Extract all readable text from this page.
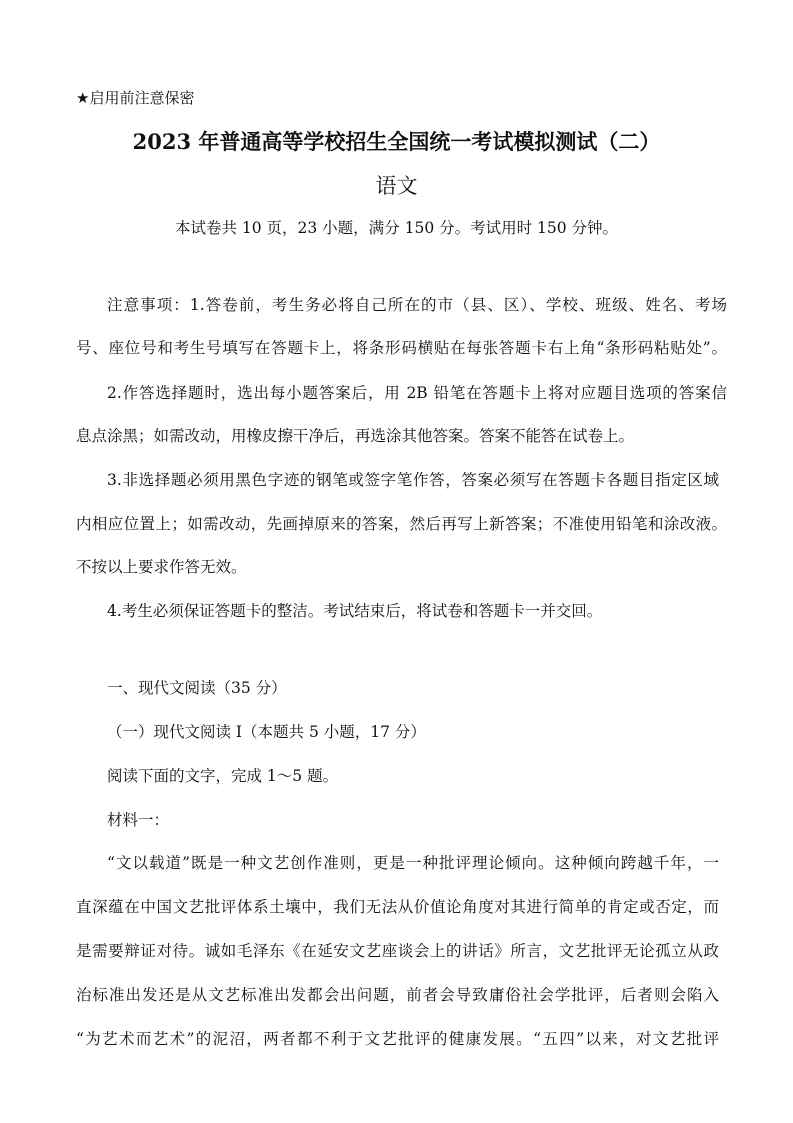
★启用前注意保密
2023 年普通高等学校招生全国统一考试模拟测试（二）
语文
本试卷共 10 页，23 小题，满分 150 分。考试用时 150 分钟。
注意事项：1.答卷前，考生务必将自己所在的市（县、区）、学校、班级、姓名、考场
号、座位号和考生号填写在答题卡上，将条形码横贴在每张答题卡右上角“条形码粘贴处”。
2.作答选择题时，选出每小题答案后，用 2B 铅笔在答题卡上将对应题目选项的答案信
息点涂黑；如需改动，用橡皮擦干净后，再选涂其他答案。答案不能答在试卷上。
3.非选择题必须用黑色字迹的钢笔或签字笔作答，答案必须写在答题卡各题目指定区域
内相应位置上；如需改动，先画掉原来的答案，然后再写上新答案；不准使用铅笔和涂改液。
不按以上要求作答无效。
4.考生必须保证答题卡的整洁。考试结束后，将试卷和答题卡一并交回。
一、现代文阅读（35 分）
（一）现代文阅读 I（本题共 5 小题，17 分）
阅读下面的文字，完成 1～5 题。
材料一：
“文以载道”既是一种文艺创作准则，更是一种批评理论倾向。这种倾向跨越千年，一
直深蕴在中国文艺批评体系土壤中，我们无法从价值论角度对其进行简单的肯定或否定，而
是需要辩证对待。诚如毛泽东《在延安文艺座谈会上的讲话》所言，文艺批评无论孤立从政
治标准出发还是从文艺标准出发都会出问题，前者会导致庸俗社会学批评，后者则会陷入
“为艺术而艺术”的泥沼，两者都不利于文艺批评的健康发展。“五四”以来，对文艺批评
